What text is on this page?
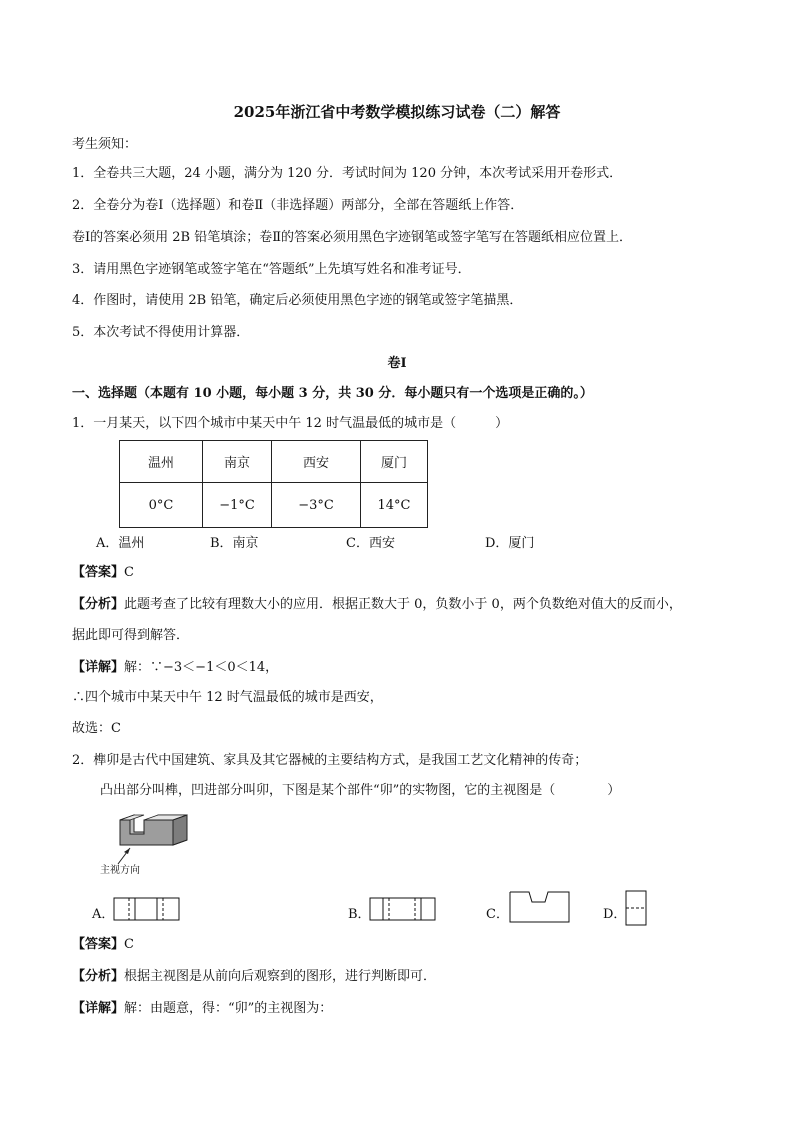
2025年浙江省中考数学模拟练习试卷（二）解答
考生须知：
1．全卷共三大题，24 小题，满分为 120 分．考试时间为 120 分钟，本次考试采用开卷形式．
2．全卷分为卷Ⅰ（选择题）和卷Ⅱ（非选择题）两部分，全部在答题纸上作答．
卷Ⅰ的答案必须用 2B 铅笔填涂；卷Ⅱ的答案必须用黑色字迹钢笔或签字笔写在答题纸相应位置上．
3．请用黑色字迹钢笔或签字笔在“答题纸”上先填写姓名和准考证号．
4．作图时，请使用 2B 铅笔，确定后必须使用黑色字迹的钢笔或签字笔描黑．
5．本次考试不得使用计算器．
卷Ⅰ
一、选择题（本题有 10 小题，每小题 3 分，共 30 分．每小题只有一个选项是正确的。）
1．一月某天，以下四个城市中某天中午 12 时气温最低的城市是（　　　）
温州	南京	西安	厦门
0°C	−1°C	−3°C	14°C
A．温州	B．南京	C．西安	D．厦门
【答案】C
【分析】此题考查了比较有理数大小的应用．根据正数大于 0，负数小于 0，两个负数绝对值大的反而小，
据此即可得到解答．
【详解】解：∵−3＜−1＜0＜14，
∴四个城市中某天中午 12 时气温最低的城市是西安，
故选：C
2．榫卯是古代中国建筑、家具及其它器械的主要结构方式，是我国工艺文化精神的传奇；
凸出部分叫榫，凹进部分叫卯，下图是某个部件“卯”的实物图，它的主视图是（　　　　）
主视方向
A．	B．	C．	D．
【答案】C
【分析】根据主视图是从前向后观察到的图形，进行判断即可．
【详解】解：由题意，得：“卯”的主视图为：
